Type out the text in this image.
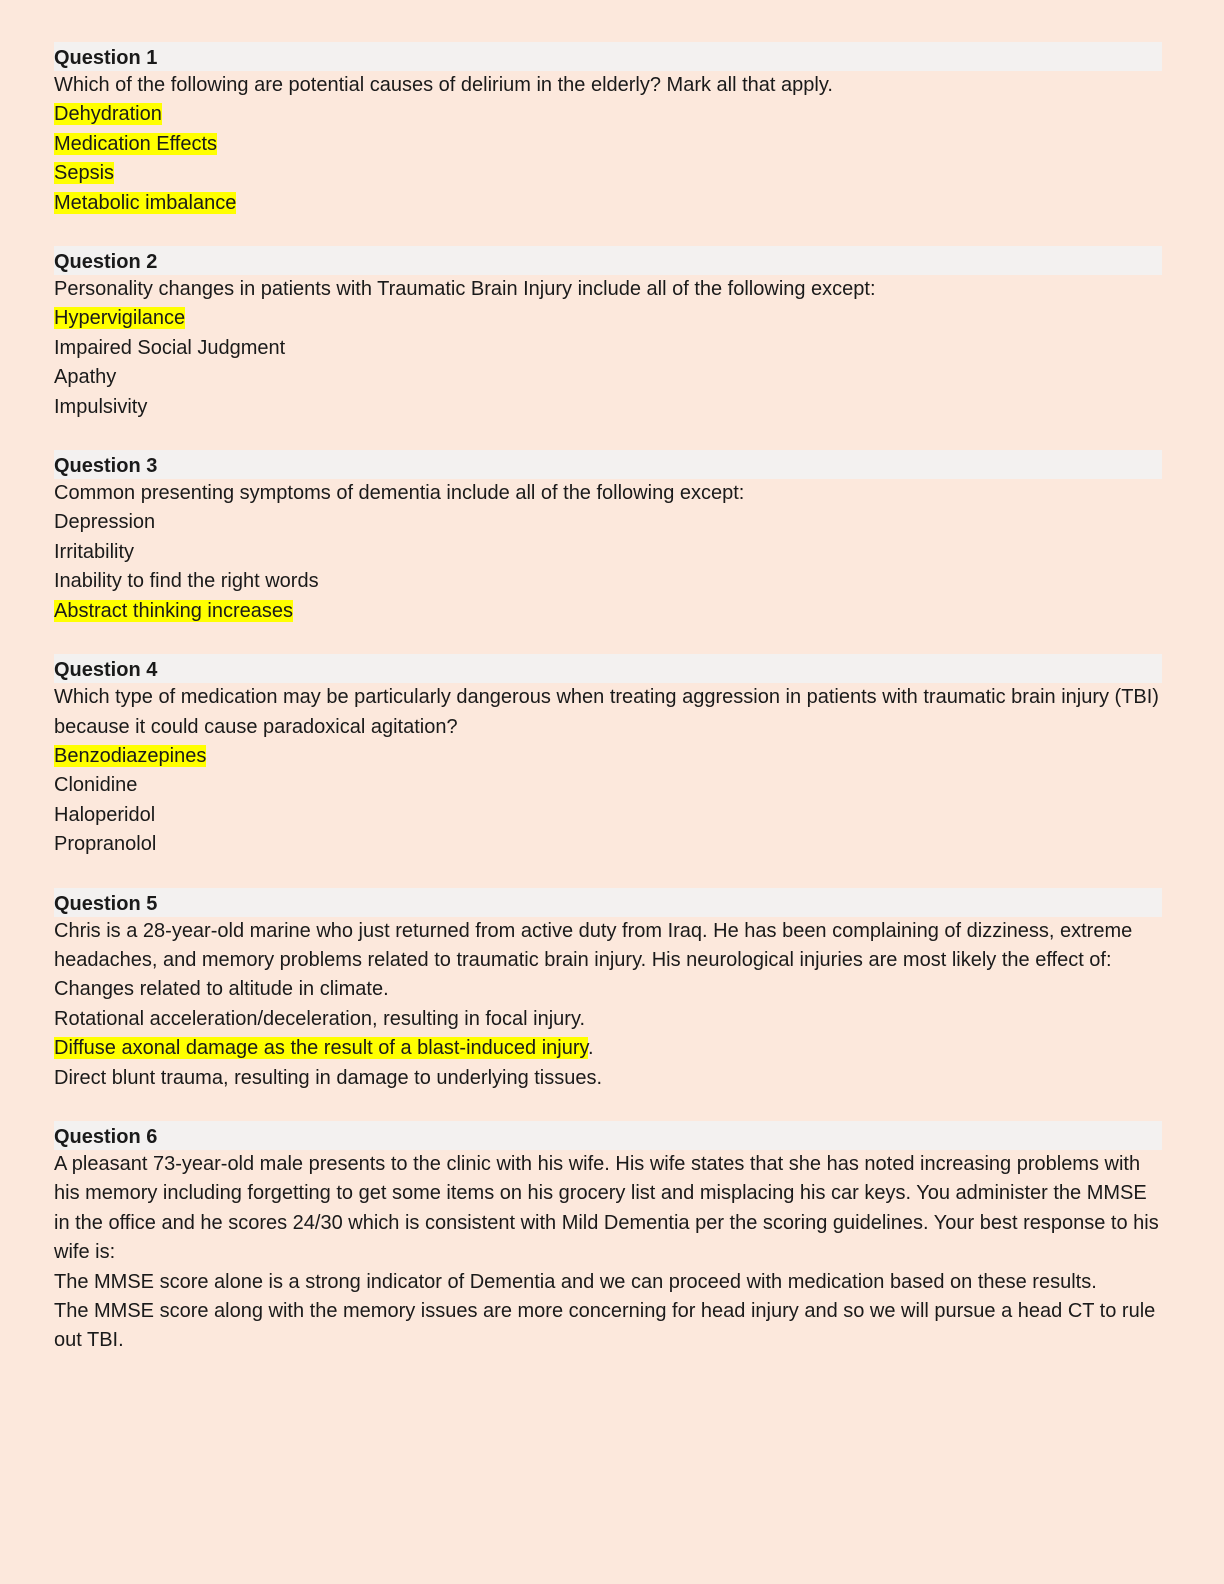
Question 1

Which of the following are potential causes of delirium in the elderly? Mark all that apply.

Dehydration
Medication Effects
Sepsis
Metabolic imbalance
Question 2

Personality changes in patients with Traumatic Brain Injury include all of the following except:

Hypervigilance
Impaired Social Judgment
Apathy
Impulsivity
Question 3

Common presenting symptoms of dementia include all of the following except:

Depression
Irritability
Inability to find the right words
Abstract thinking increases
Question 4

Which type of medication may be particularly dangerous when treating aggression in patients with traumatic brain injury (TBI) because it could cause paradoxical agitation?

Benzodiazepines
Clonidine
Haloperidol
Propranolol
Question 5

Chris is a 28-year-old marine who just returned from active duty from Iraq. He has been complaining of dizziness, extreme headaches, and memory problems related to traumatic brain injury. His neurological injuries are most likely the effect of:

Changes related to altitude in climate.
Rotational acceleration/deceleration, resulting in focal injury.
Diffuse axonal damage as the result of a blast-induced injury.
Direct blunt trauma, resulting in damage to underlying tissues.
Question 6

A pleasant 73-year-old male presents to the clinic with his wife. His wife states that she has noted increasing problems with his memory including forgetting to get some items on his grocery list and misplacing his car keys. You administer the MMSE in the office and he scores 24/30 which is consistent with Mild Dementia per the scoring guidelines. Your best response to his wife is:

The MMSE score alone is a strong indicator of Dementia and we can proceed with medication based on these results.
The MMSE score along with the memory issues are more concerning for head injury and so we will pursue a head CT to rule out TBI.
